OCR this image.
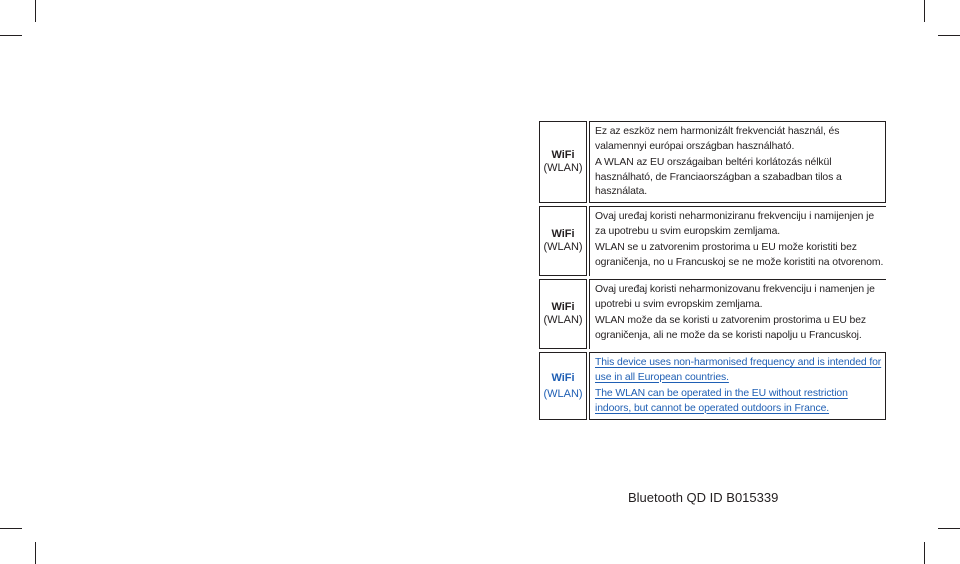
WiFi
(WLAN)

Ez az eszköz nem harmonizált frekvenciát használ, és valamennyi európai országban használható.

A WLAN az EU országaiban beltéri korlátozás nélkül használható, de Franciaországban a szabadban tilos a használata.

WiFi
(WLAN)

Ovaj uređaj koristi neharmoniziranu frekvenciju i namijenjen je za upotrebu u svim europskim zemljama.

WLAN se u zatvorenim prostorima u EU može koristiti bez ograničenja, no u Francuskoj se ne može koristiti na otvorenom.

WiFi
(WLAN)

Ovaj uređaj koristi neharmonizovanu frekvenciju i namenjen je upotrebi u svim evropskim zemljama.

WLAN može da se koristi u zatvorenim prostorima u EU bez ograničenja, ali ne može da se koristi napolju u Francuskoj.

WiFi
(WLAN)

This device uses non-harmonised frequency and is intended for use in all European countries.

The WLAN can be operated in the EU without restriction indoors, but cannot be operated outdoors in France.

Bluetooth QD ID B015339
